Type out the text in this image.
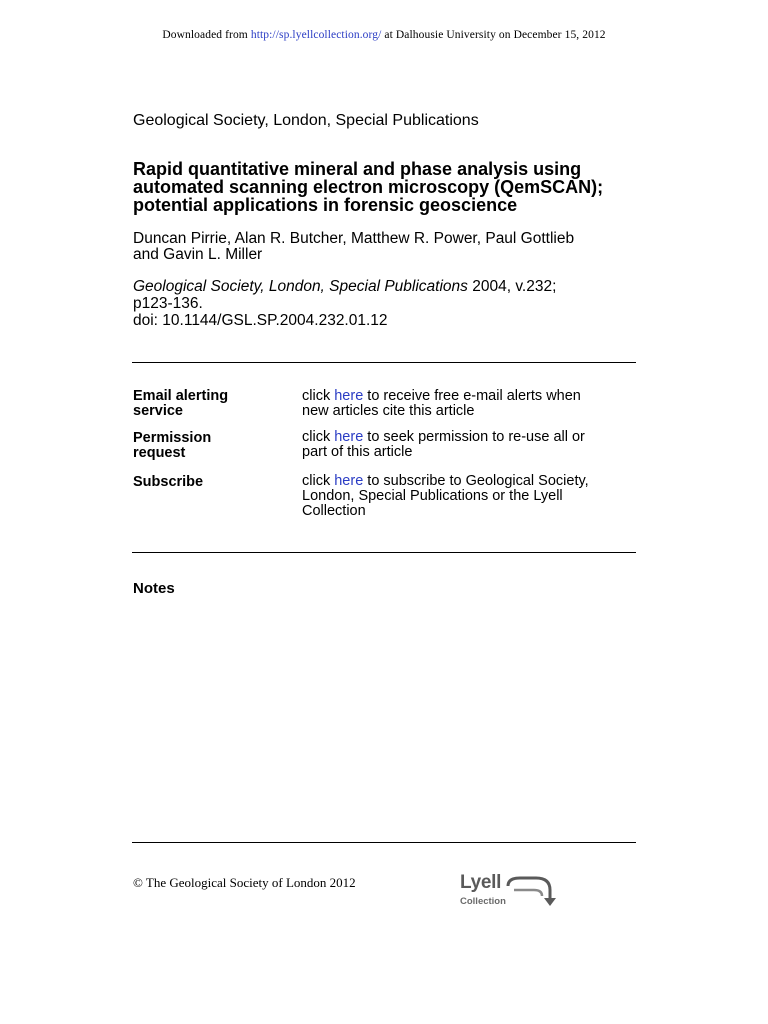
Downloaded from http://sp.lyellcollection.org/ at Dalhousie University on December 15, 2012
Geological Society, London, Special Publications
Rapid quantitative mineral and phase analysis using
automated scanning electron microscopy (QemSCAN);
potential applications in forensic geoscience
Duncan Pirrie, Alan R. Butcher, Matthew R. Power, Paul Gottlieb
and Gavin L. Miller
Geological Society, London, Special Publications 2004, v.232;
p123-136.
doi: 10.1144/GSL.SP.2004.232.01.12
Email alerting
service
click here to receive free e-mail alerts when
new articles cite this article
Permission
request
click here to seek permission to re-use all or
part of this article
Subscribe	click here to subscribe to Geological Society,
London, Special Publications or the Lyell
Collection
Notes
© The Geological Society of London 2012	Lyell
Collection
